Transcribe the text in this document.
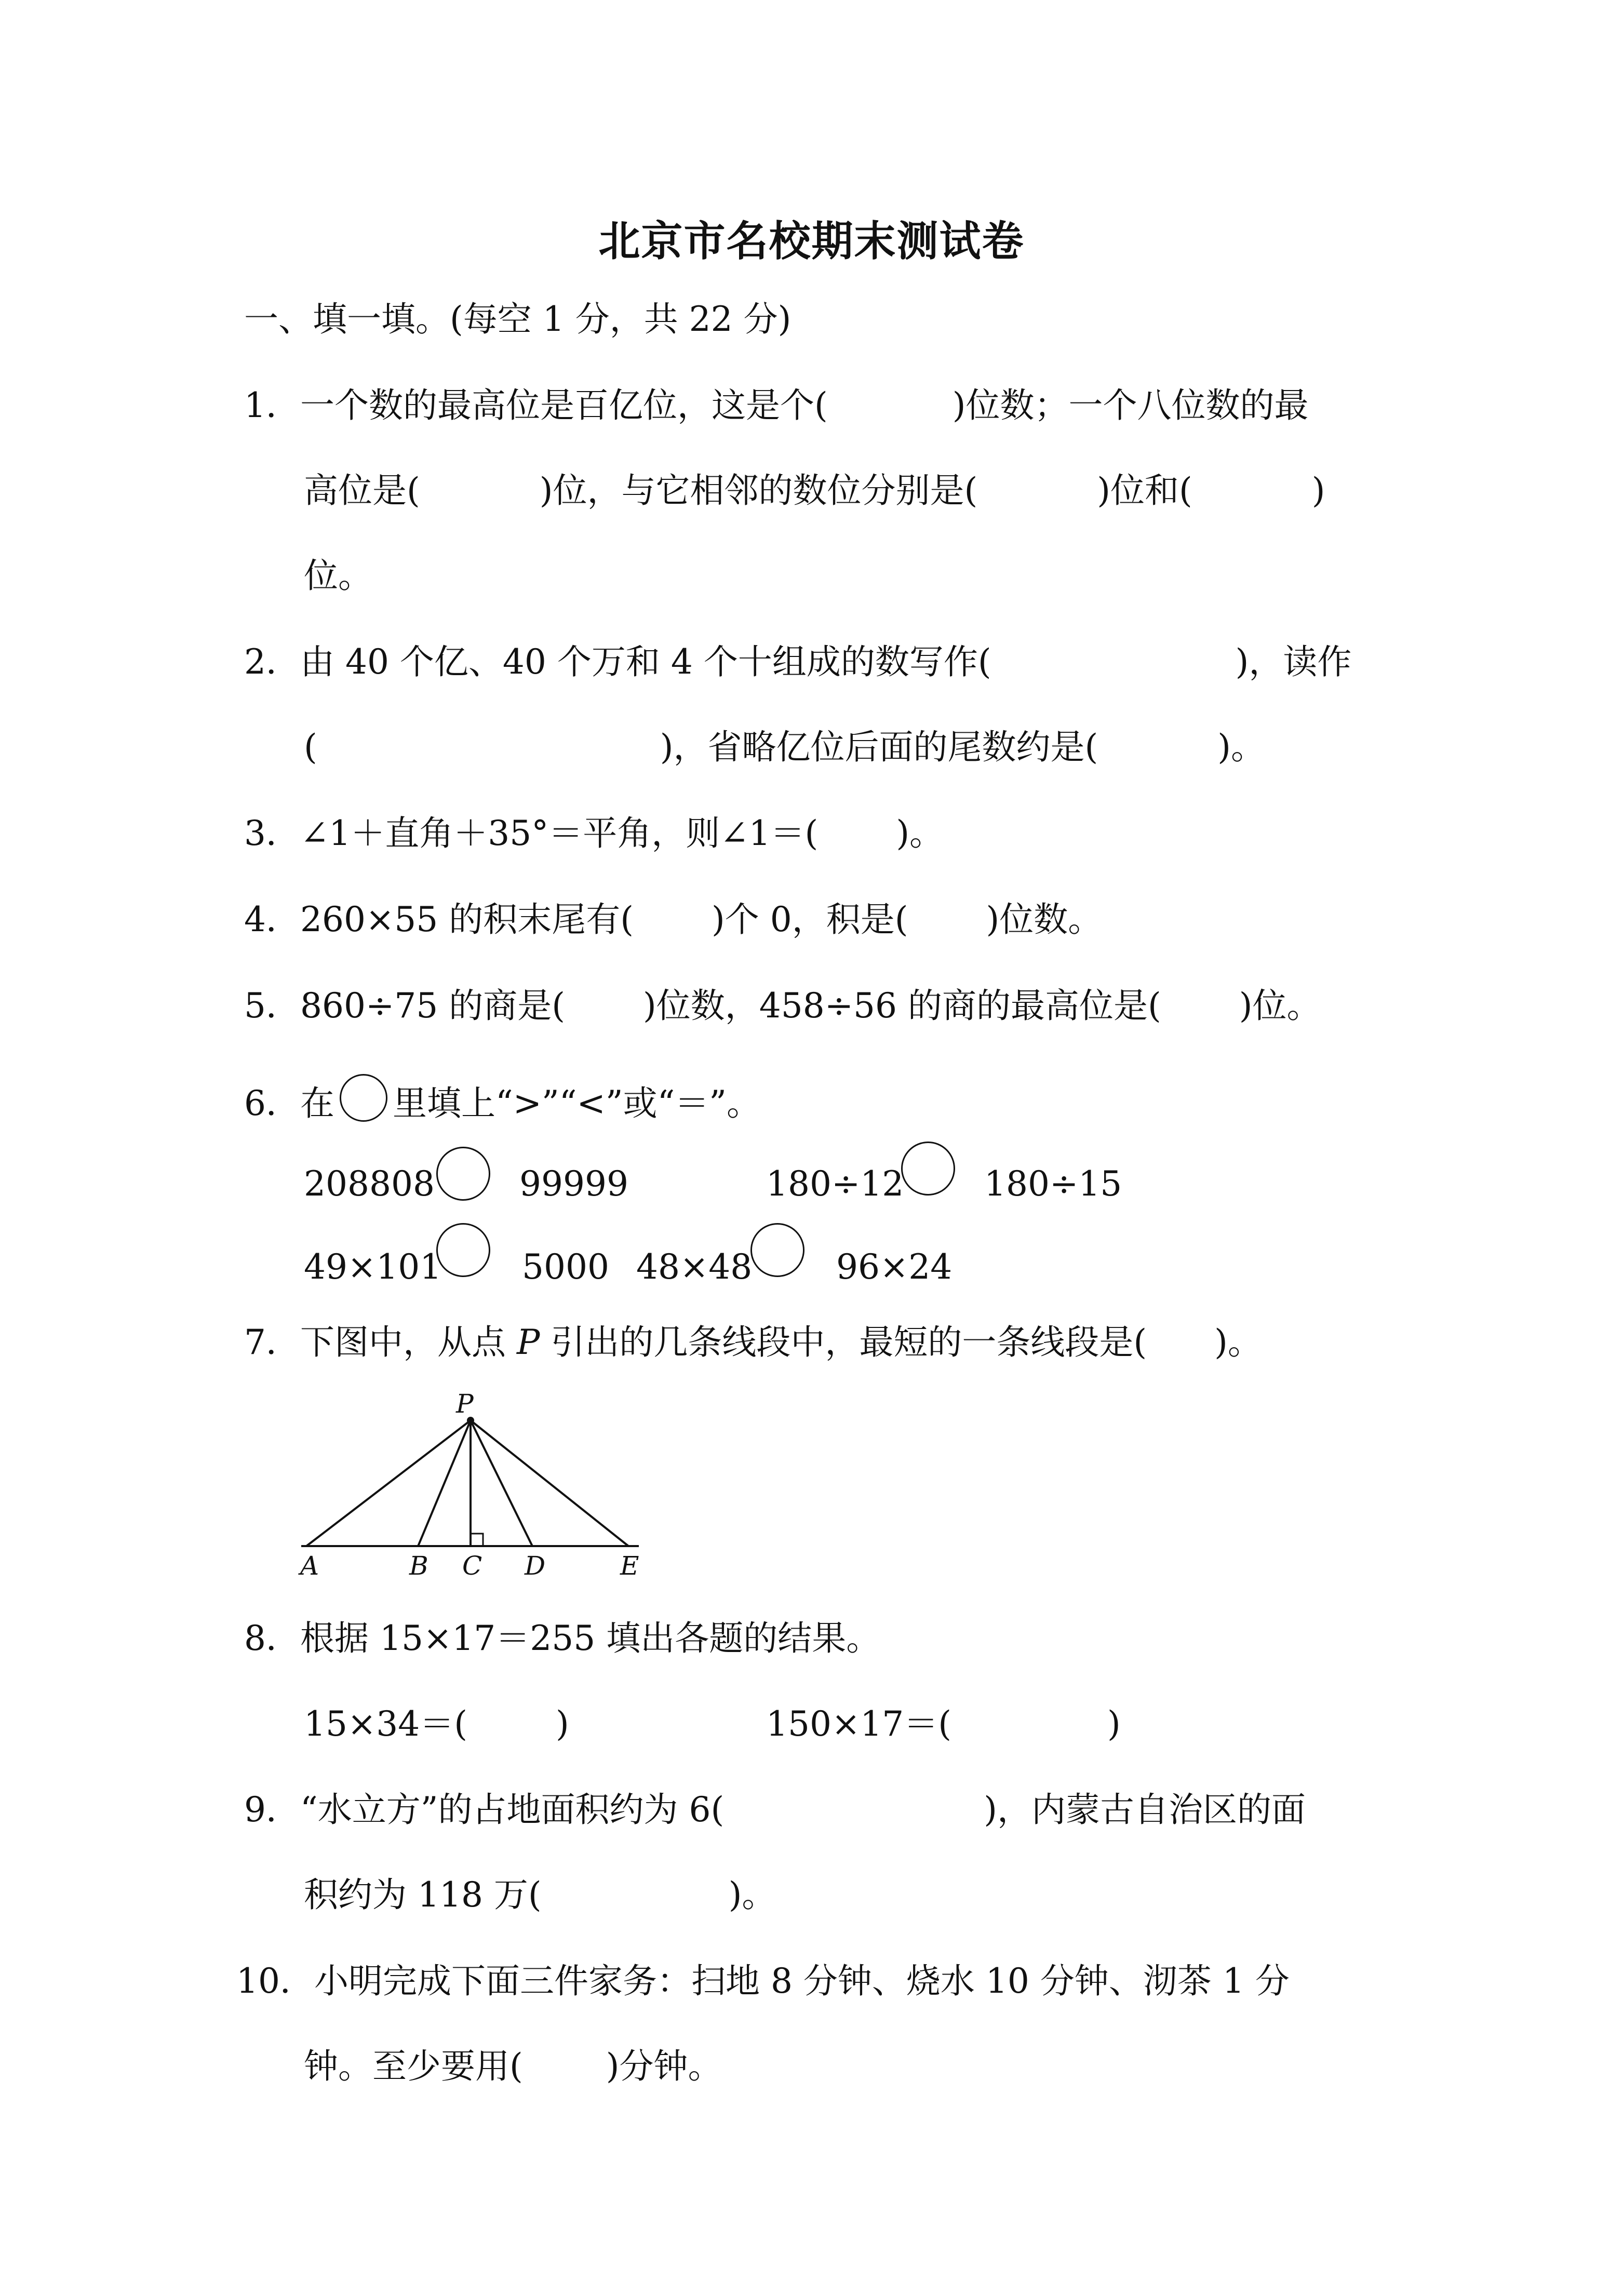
北京市名校期末测试卷
一、填一填。(每空 1 分，共 22 分)
1．一个数的最高位是百亿位，这是个(	)位数；一个八位数的最
高位是(	)位，与它相邻的数位分别是(	)位和(	)
位。
2．由 40 个亿、40 个万和 4 个十组成的数写作(	)，读作
(	)，省略亿位后面的尾数约是(	)。
3．∠1＋直角＋35°＝平角，则∠1＝( )。
4．260×55 的积末尾有( )个 0，积是( )位数。
5．860÷75 的商是( )位数，458÷56 的商的最高位是( )位。
6．在 里填上“>”“<”或“＝”。
208808 99999	180÷12 180÷15
49×101 5000 48×48 96×24
7．下图中，从点 P 引出的几条线段中，最短的一条线段是( )。
P
A	B C D	E
8．根据 15×17＝255 填出各题的结果。
15×34＝(	)	150×17＝(	)
9．“水立方”的占地面积约为 6(	)，内蒙古自治区的面
积约为 118 万(	)。
10．小明完成下面三件家务：扫地 8 分钟、烧水 10 分钟、沏茶 1 分
钟。至少要用( )分钟。
